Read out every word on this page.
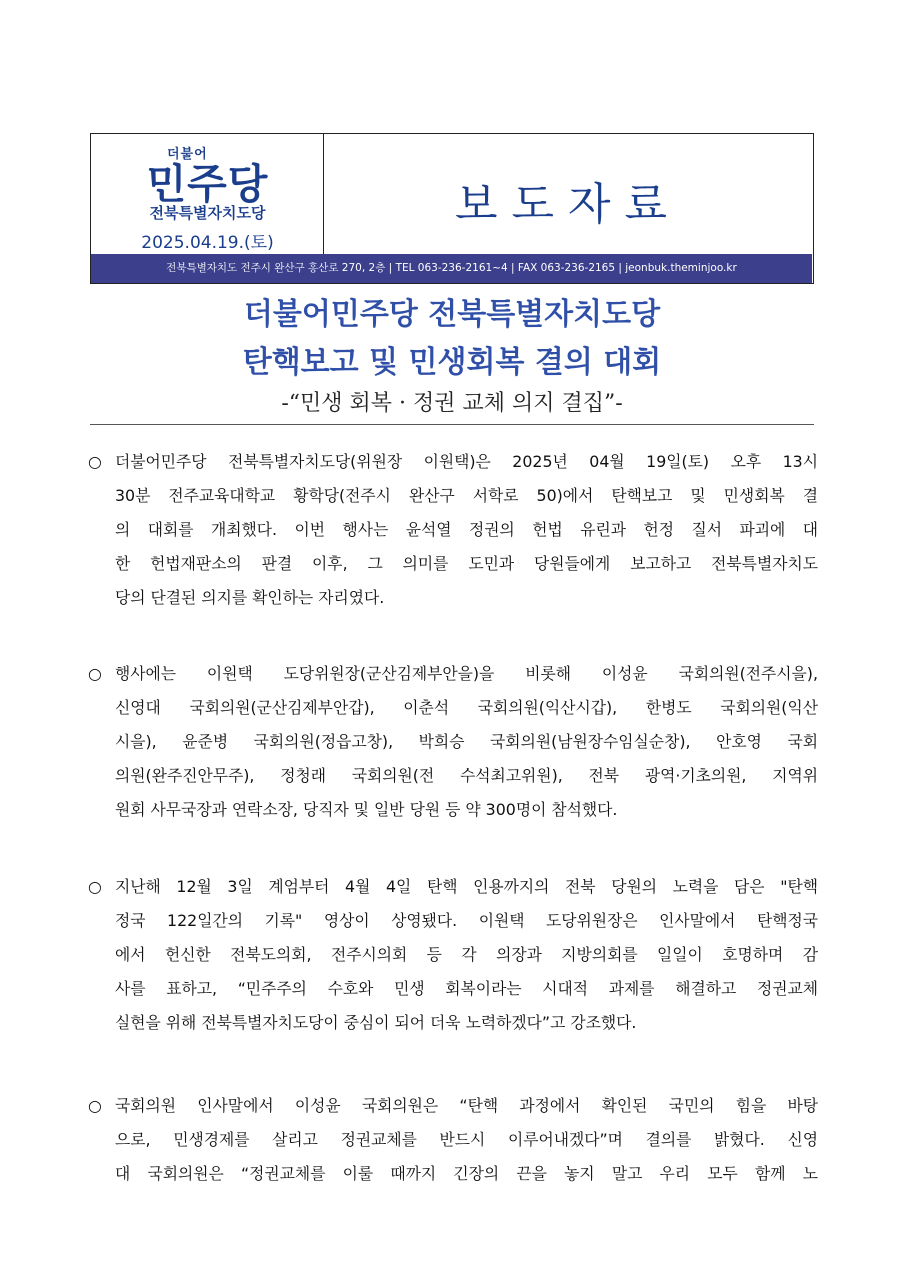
더불어
민주당
전북특별자치도당
2025.04.19.(토)
보도자료
전북특별자치도 전주시 완산구 홍산로 270, 2층 | TEL 063-236-2161~4 | FAX 063-236-2165 | jeonbuk.theminjoo.kr
더불어민주당 전북특별자치도당
탄핵보고 및 민생회복 결의 대회
-“민생 회복 · 정권 교체 의지 결집”-
○ 더불어민주당 전북특별자치도당(위원장 이원택)은 2025년 04월 19일(토) 오후 13시
30분 전주교육대학교 황학당(전주시 완산구 서학로 50)에서 탄핵보고 및 민생회복 결
의 대회를 개최했다. 이번 행사는 윤석열 정권의 헌법 유린과 헌정 질서 파괴에 대
한 헌법재판소의 판결 이후, 그 의미를 도민과 당원들에게 보고하고 전북특별자치도
당의 단결된 의지를 확인하는 자리였다.
○ 행사에는 이원택 도당위원장(군산김제부안을)을 비롯해 이성윤 국회의원(전주시을),
신영대 국회의원(군산김제부안갑), 이춘석 국회의원(익산시갑), 한병도 국회의원(익산
시을), 윤준병 국회의원(정읍고창), 박희승 국회의원(남원장수임실순창), 안호영 국회
의원(완주진안무주), 정청래 국회의원(전 수석최고위원), 전북 광역·기초의원, 지역위
원회 사무국장과 연락소장, 당직자 및 일반 당원 등 약 300명이 참석했다.
○ 지난해 12월 3일 계엄부터 4월 4일 탄핵 인용까지의 전북 당원의 노력을 담은 "탄핵
정국 122일간의 기록" 영상이 상영됐다. 이원택 도당위원장은 인사말에서 탄핵정국
에서 헌신한 전북도의회, 전주시의회 등 각 의장과 지방의회를 일일이 호명하며 감
사를 표하고, “민주주의 수호와 민생 회복이라는 시대적 과제를 해결하고 정권교체
실현을 위해 전북특별자치도당이 중심이 되어 더욱 노력하겠다”고 강조했다.
○ 국회의원 인사말에서 이성윤 국회의원은 “탄핵 과정에서 확인된 국민의 힘을 바탕
으로, 민생경제를 살리고 정권교체를 반드시 이루어내겠다”며 결의를 밝혔다. 신영
대 국회의원은 “정권교체를 이룰 때까지 긴장의 끈을 놓지 말고 우리 모두 함께 노
